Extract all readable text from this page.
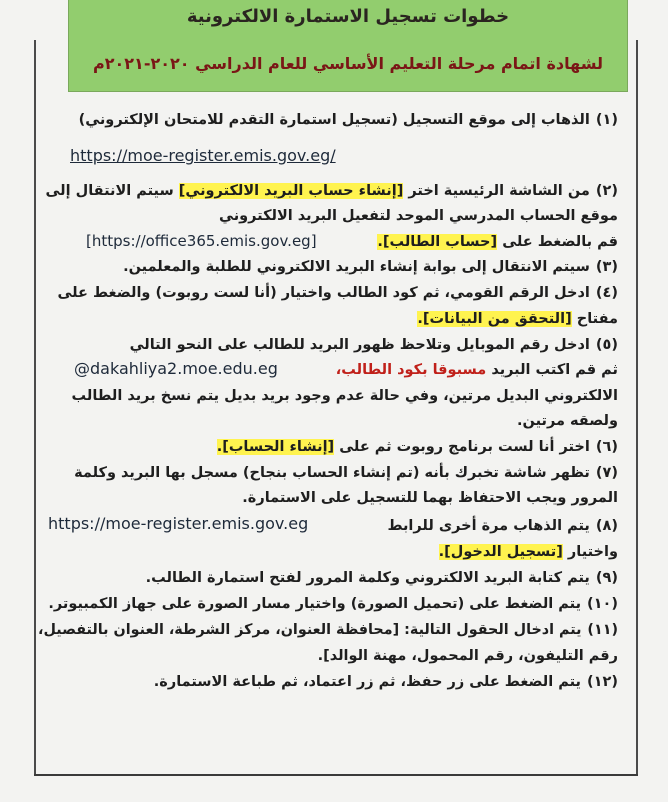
خطوات تسجيل الاستمارة الالكترونية
لشهادة اتمام مرحلة التعليم الأساسي للعام الدراسي ٢٠٢٠-٢٠٢١م
(١)الذهاب إلى موقع التسجيل (تسجيل استمارة التقدم للامتحان الإلكتروني)
https://moe-register.emis.gov.eg/
(٢)من الشاشة الرئيسية اختر [إنشاء حساب البريد الالكتروني] سيتم الانتقال إلى
موقع الحساب المدرسي الموحد لتفعيل البريد الالكتروني
قم بالضغط على [حساب الطالب].
[https://office365.emis.gov.eg]
(٣)سيتم الانتقال إلى بوابة إنشاء البريد الالكتروني للطلبة والمعلمين.
(٤)ادخل الرقم القومي، ثم كود الطالب واختيار (أنا لست روبوت) والضغط على
مفتاح [التحقق من البيانات].
(٥)ادخل رقم الموبايل وتلاحظ ظهور البريد للطالب على النحو التالي
ثم قم اكتب البريد مسبوقا بكود الطالب،
@dakahliya2.moe.edu.eg
الالكتروني البديل مرتين، وفي حالة عدم وجود بريد بديل يتم نسخ بريد الطالب
ولصقه مرتين.
(٦)اختر أنا لست برنامج روبوت ثم على [إنشاء الحساب].
(٧)تظهر شاشة تخبرك بأنه (تم إنشاء الحساب بنجاح) مسجل بها البريد وكلمة
المرور ويجب الاحتفاظ بهما للتسجيل على الاستمارة.
(٨)يتم الذهاب مرة أخرى للرابط
https://moe-register.emis.gov.eg
واختيار [تسجيل الدخول].
(٩)يتم كتابة البريد الالكتروني وكلمة المرور لفتح استمارة الطالب.
(١٠)يتم الضغط على (تحميل الصورة) واختيار مسار الصورة على جهاز الكمبيوتر.
(١١)يتم ادخال الحقول التالية: [محافظة العنوان، مركز الشرطة، العنوان بالتفصيل،
رقم التليفون، رقم المحمول، مهنة الوالد].
(١٢)يتم الضغط على زر حفظ، ثم زر اعتماد، ثم طباعة الاستمارة.
